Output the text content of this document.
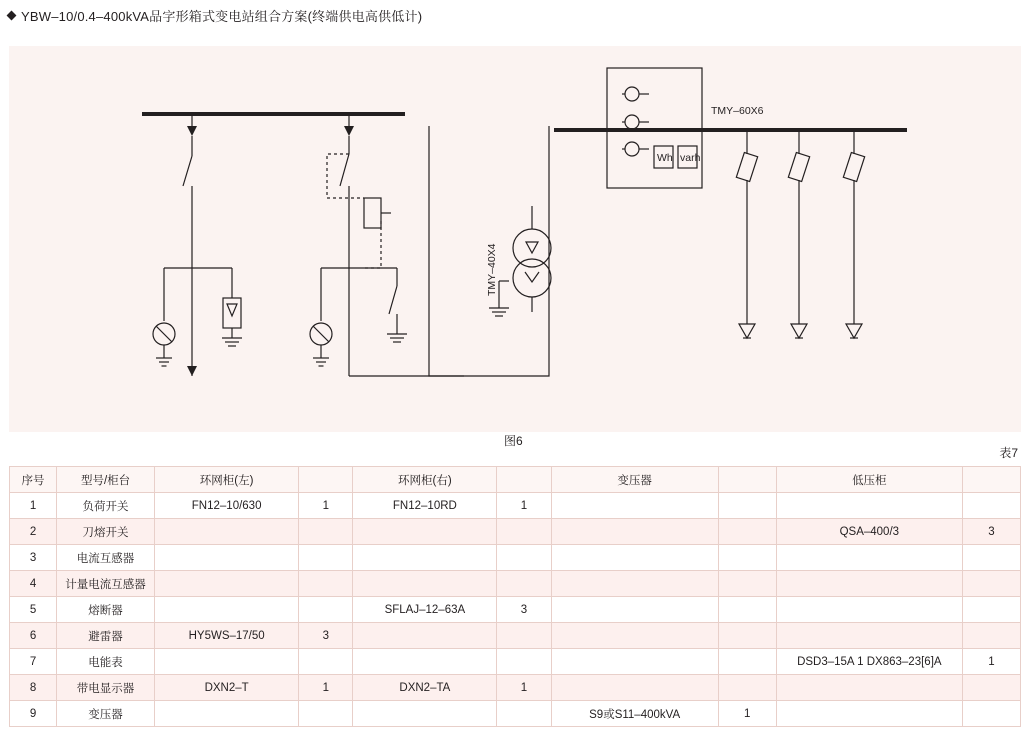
YBW–10/0.4–400kVA品字形箱式变电站组合方案(终端供电高供低计)
TMY–60X6
TMY–40X4
Wh varh
图6
表7
序号	型号/柜台	环网柜(左)		环网柜(右)		变压器		低压柜	
1	负荷开关	FN12–10/630	1	FN12–10RD	1				
2	刀熔开关							QSA–400/3	3
3	电流互感器								
4	计量电流互感器								
5	熔断器			SFLAJ–12–63A	3				
6	避雷器	HY5WS–17/50	3						
7	电能表							DSD3–15A 1 DX863–23[6]A	1
8	带电显示器	DXN2–T	1	DXN2–TA	1				
9	变压器					S9或S11–400kVA	1		
